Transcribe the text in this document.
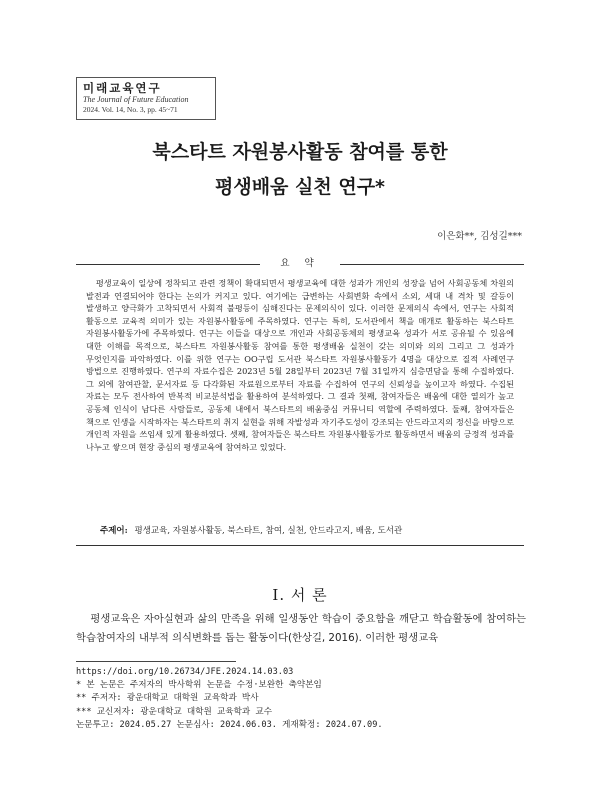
미래교육연구
The Journal of Future Education
2024. Vol. 14, No. 3, pp. 45~71
북스타트 자원봉사활동 참여를 통한
평생배움 실천 연구*
이은화**, 김성길***
요 약
평생교육이 일상에 정착되고 관련 정책이 확대되면서 평생교육에 대한 성과가 개인의 성장을 넘어 사회공동체 차원의 발전과 연결되어야 한다는 논의가 커지고 있다. 여기에는 급변하는 사회변화 속에서 소외, 세대 내 격차 및 갈등이 발생하고 양극화가 고착되면서 사회적 불평등이 심해진다는 문제의식이 있다. 이러한 문제의식 속에서, 연구는 사회적 활동으로 교육적 의미가 있는 자원봉사활동에 주목하였다. 연구는 특히, 도서관에서 책을 매개로 활동하는 북스타트 자원봉사활동가에 주목하였다. 연구는 이들을 대상으로 개인과 사회공동체의 평생교육 성과가 서로 공유될 수 있음에 대한 이해를 목적으로, 북스타트 자원봉사활동 참여를 통한 평생배움 실천이 갖는 의미와 의의 그리고 그 성과가 무엇인지를 파악하였다. 이를 위한 연구는 OO구립 도서관 북스타트 자원봉사활동가 4명을 대상으로 질적 사례연구 방법으로 진행하였다. 연구의 자료수집은 2023년 5월 28일부터 2023년 7월 31일까지 심층면담을 통해 수집하였다. 그 외에 참여관찰, 문서자료 등 다각화된 자료원으로부터 자료를 수집하여 연구의 신뢰성을 높이고자 하였다. 수집된 자료는 모두 전사하여 반복적 비교분석법을 활용하여 분석하였다. 그 결과 첫째, 참여자들은 배움에 대한 열의가 높고 공동체 인식이 남다른 사람들로, 공동체 내에서 북스타트의 배움중심 커뮤니티 역할에 주력하였다. 둘째, 참여자들은 책으로 인생을 시작하자는 북스타트의 취지 실현을 위해 자발성과 자기주도성이 강조되는 안드라고지의 정신을 바탕으로 개인적 자원을 쓰임새 있게 활용하였다. 셋째, 참여자들은 북스타트 자원봉사활동가로 활동하면서 배움의 긍정적 성과를 나누고 쌓으며 현장 중심의 평생교육에 참여하고 있었다.
주제어: 평생교육, 자원봉사활동, 북스타트, 참여, 실천, 안드라고지, 배움, 도서관
Ⅰ. 서 론
평생교육은 자아실현과 삶의 만족을 위해 일생동안 학습이 중요함을 깨닫고 학습활동에 참여하는 학습참여자의 내부적 의식변화를 돕는 활동이다(한상길, 2016). 이러한 평생교육
https://doi.org/10.26734/JFE.2024.14.03.03
* 본 논문은 주저자의 박사학위 논문을 수정·보완한 축약본임
** 주저자: 광운대학교 대학원 교육학과 박사
*** 교신저자: 광운대학교 대학원 교육학과 교수
논문투고: 2024.05.27 논문심사: 2024.06.03. 게재확정: 2024.07.09.
